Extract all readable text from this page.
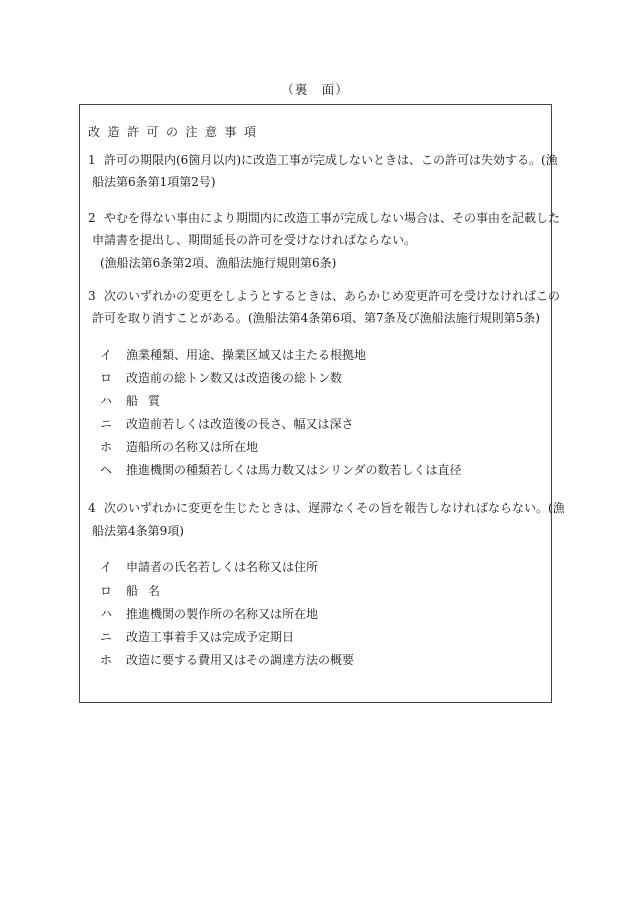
（裏　面）
改造許可の注意事項
1 許可の期限内(6箇月以内)に改造工事が完成しないときは、この許可は失効する。(漁
船法第6条第1項第2号)
2 やむを得ない事由により期間内に改造工事が完成しない場合は、その事由を記載した
申請書を提出し、期間延長の許可を受けなければならない。
(漁船法第6条第2項、漁船法施行規則第6条)
3 次のいずれかの変更をしようとするときは、あらかじめ変更許可を受けなければこの
許可を取り消すことがある。(漁船法第4条第6項、第7条及び漁船法施行規則第5条)
イ 漁業種類、用途、操業区域又は主たる根拠地
ロ 改造前の総トン数又は改造後の総トン数
ハ 船質
ニ 改造前若しくは改造後の長さ、幅又は深さ
ホ 造船所の名称又は所在地
ヘ 推進機関の種類若しくは馬力数又はシリンダの数若しくは直径
4 次のいずれかに変更を生じたときは、遅滞なくその旨を報告しなければならない。(漁
船法第4条第9項)
イ 申請者の氏名若しくは名称又は住所
ロ 船名
ハ 推進機関の製作所の名称又は所在地
ニ 改造工事着手又は完成予定期日
ホ 改造に要する費用又はその調達方法の概要
